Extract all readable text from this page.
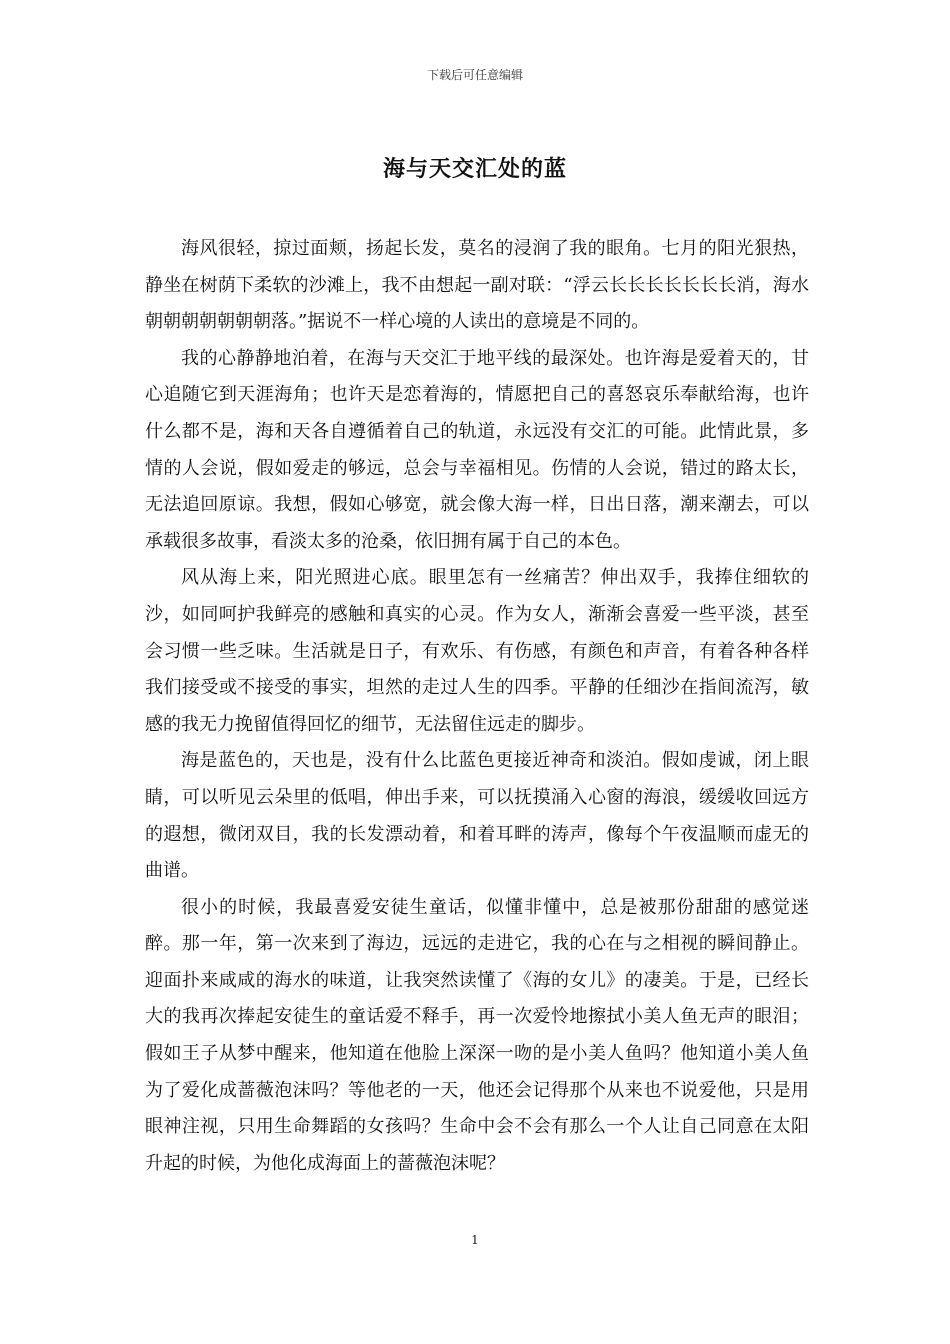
下载后可任意编辑
海与天交汇处的蓝

海风很轻，掠过面颊，扬起长发，莫名的浸润了我的眼角。七月的阳光狠热，静坐在树荫下柔软的沙滩上，我不由想起一副对联：“浮云长长长长长长长消，海水朝朝朝朝朝朝朝落。”据说不一样心境的人读出的意境是不同的。

我的心静静地泊着，在海与天交汇于地平线的最深处。也许海是爱着天的，甘心追随它到天涯海角；也许天是恋着海的，情愿把自己的喜怒哀乐奉献给海，也许什么都不是，海和天各自遵循着自己的轨道，永远没有交汇的可能。此情此景，多情的人会说，假如爱走的够远，总会与幸福相见。伤情的人会说，错过的路太长，无法追回原谅。我想，假如心够宽，就会像大海一样，日出日落，潮来潮去，可以承载很多故事，看淡太多的沧桑，依旧拥有属于自己的本色。

风从海上来，阳光照进心底。眼里怎有一丝痛苦？伸出双手，我捧住细软的沙，如同呵护我鲜亮的感触和真实的心灵。作为女人，渐渐会喜爱一些平淡，甚至会习惯一些乏味。生活就是日子，有欢乐、有伤感，有颜色和声音，有着各种各样我们接受或不接受的事实，坦然的走过人生的四季。平静的任细沙在指间流泻，敏感的我无力挽留值得回忆的细节，无法留住远走的脚步。

海是蓝色的，天也是，没有什么比蓝色更接近神奇和淡泊。假如虔诚，闭上眼睛，可以听见云朵里的低唱，伸出手来，可以抚摸涌入心窗的海浪，缓缓收回远方的遐想，微闭双目，我的长发漂动着，和着耳畔的涛声，像每个午夜温顺而虚无的曲谱。

很小的时候，我最喜爱安徒生童话，似懂非懂中，总是被那份甜甜的感觉迷醉。那一年，第一次来到了海边，远远的走进它，我的心在与之相视的瞬间静止。迎面扑来咸咸的海水的味道，让我突然读懂了《海的女儿》的凄美。于是，已经长大的我再次捧起安徒生的童话爱不释手，再一次爱怜地擦拭小美人鱼无声的眼泪；假如王子从梦中醒来，他知道在他脸上深深一吻的是小美人鱼吗？他知道小美人鱼为了爱化成蔷薇泡沫吗？等他老的一天，他还会记得那个从来也不说爱他，只是用眼神注视，只用生命舞蹈的女孩吗？生命中会不会有那么一个人让自己同意在太阳升起的时候，为他化成海面上的蔷薇泡沫呢？

1
